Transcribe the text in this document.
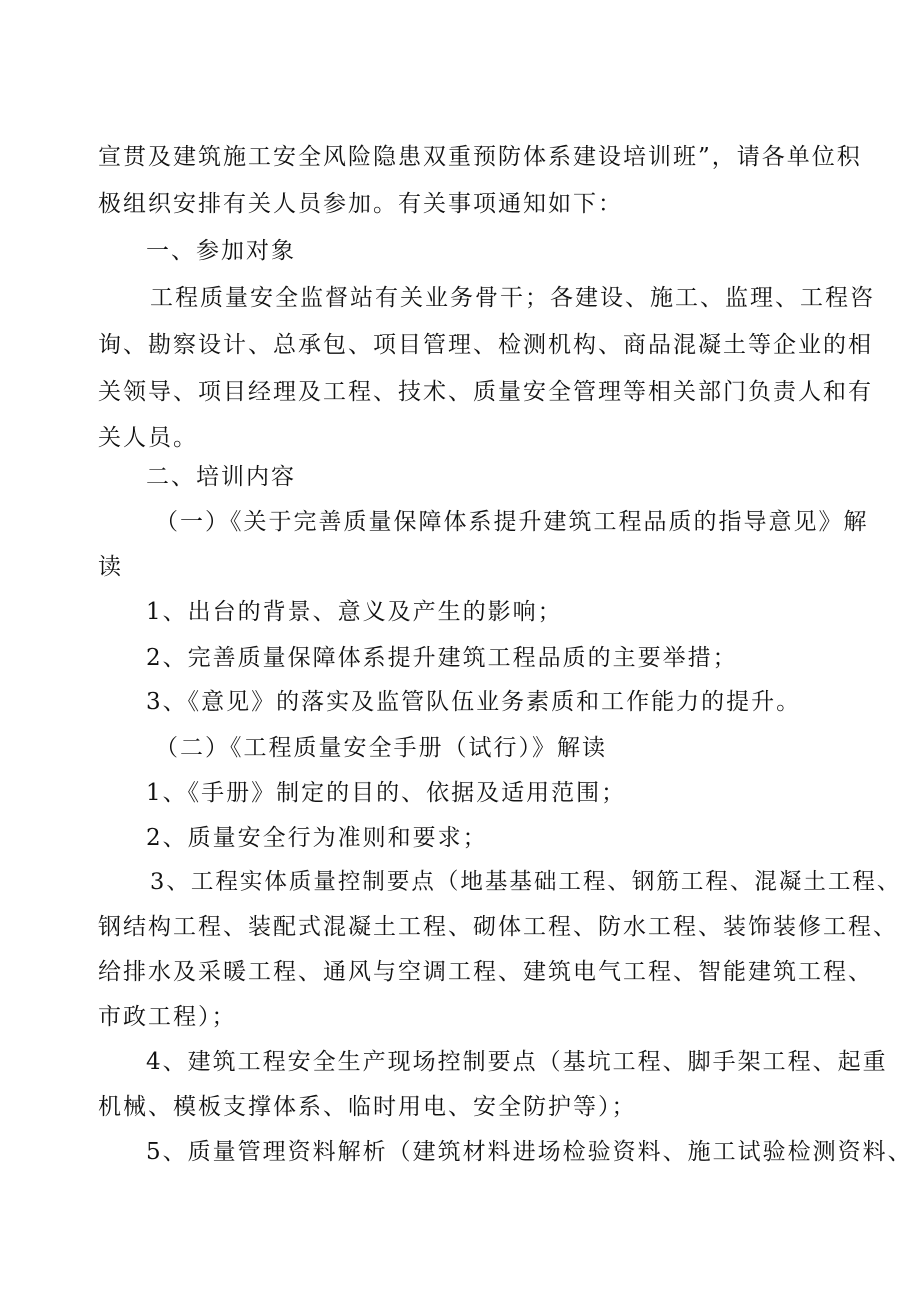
宣贯及建筑施工安全风险隐患双重预防体系建设培训班”，请各单位积
极组织安排有关人员参加。有关事项通知如下：
一、参加对象
工程质量安全监督站有关业务骨干；各建设、施工、监理、工程咨
询、勘察设计、总承包、项目管理、检测机构、商品混凝土等企业的相
关领导、项目经理及工程、技术、质量安全管理等相关部门负责人和有
关人员。
二、培训内容
（一）《关于完善质量保障体系提升建筑工程品质的指导意见》解
读
1、出台的背景、意义及产生的影响；
2、完善质量保障体系提升建筑工程品质的主要举措；
3、《意见》的落实及监管队伍业务素质和工作能力的提升。
（二）《工程质量安全手册（试行）》解读
1、《手册》制定的目的、依据及适用范围；
2、质量安全行为准则和要求；
3、工程实体质量控制要点（地基基础工程、钢筋工程、混凝土工程、
钢结构工程、装配式混凝土工程、砌体工程、防水工程、装饰装修工程、
给排水及采暖工程、通风与空调工程、建筑电气工程、智能建筑工程、
市政工程）；
4、建筑工程安全生产现场控制要点（基坑工程、脚手架工程、起重
机械、模板支撑体系、临时用电、安全防护等）；
5、质量管理资料解析（建筑材料进场检验资料、施工试验检测资料、
